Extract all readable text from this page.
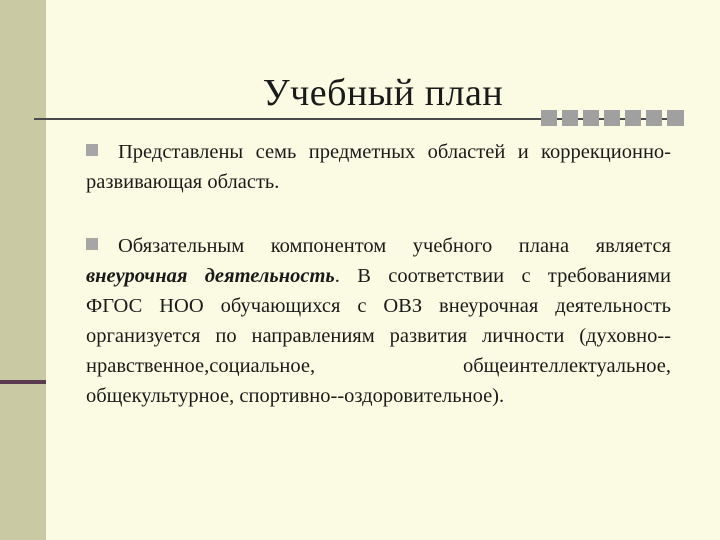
Учебный план

Представлены семь предметных областей и коррекционно-развивающая область.

Обязательным компонентом учебного плана является внеурочная деятельность. В соответствии с требованиями ФГОС НОО обучающихся с ОВЗ внеурочная деятельность организуется по направлениям развития личности (духовно--нравственное,социальное, общеинтеллектуальное, общекультурное, спортивно--оздоровительное).
